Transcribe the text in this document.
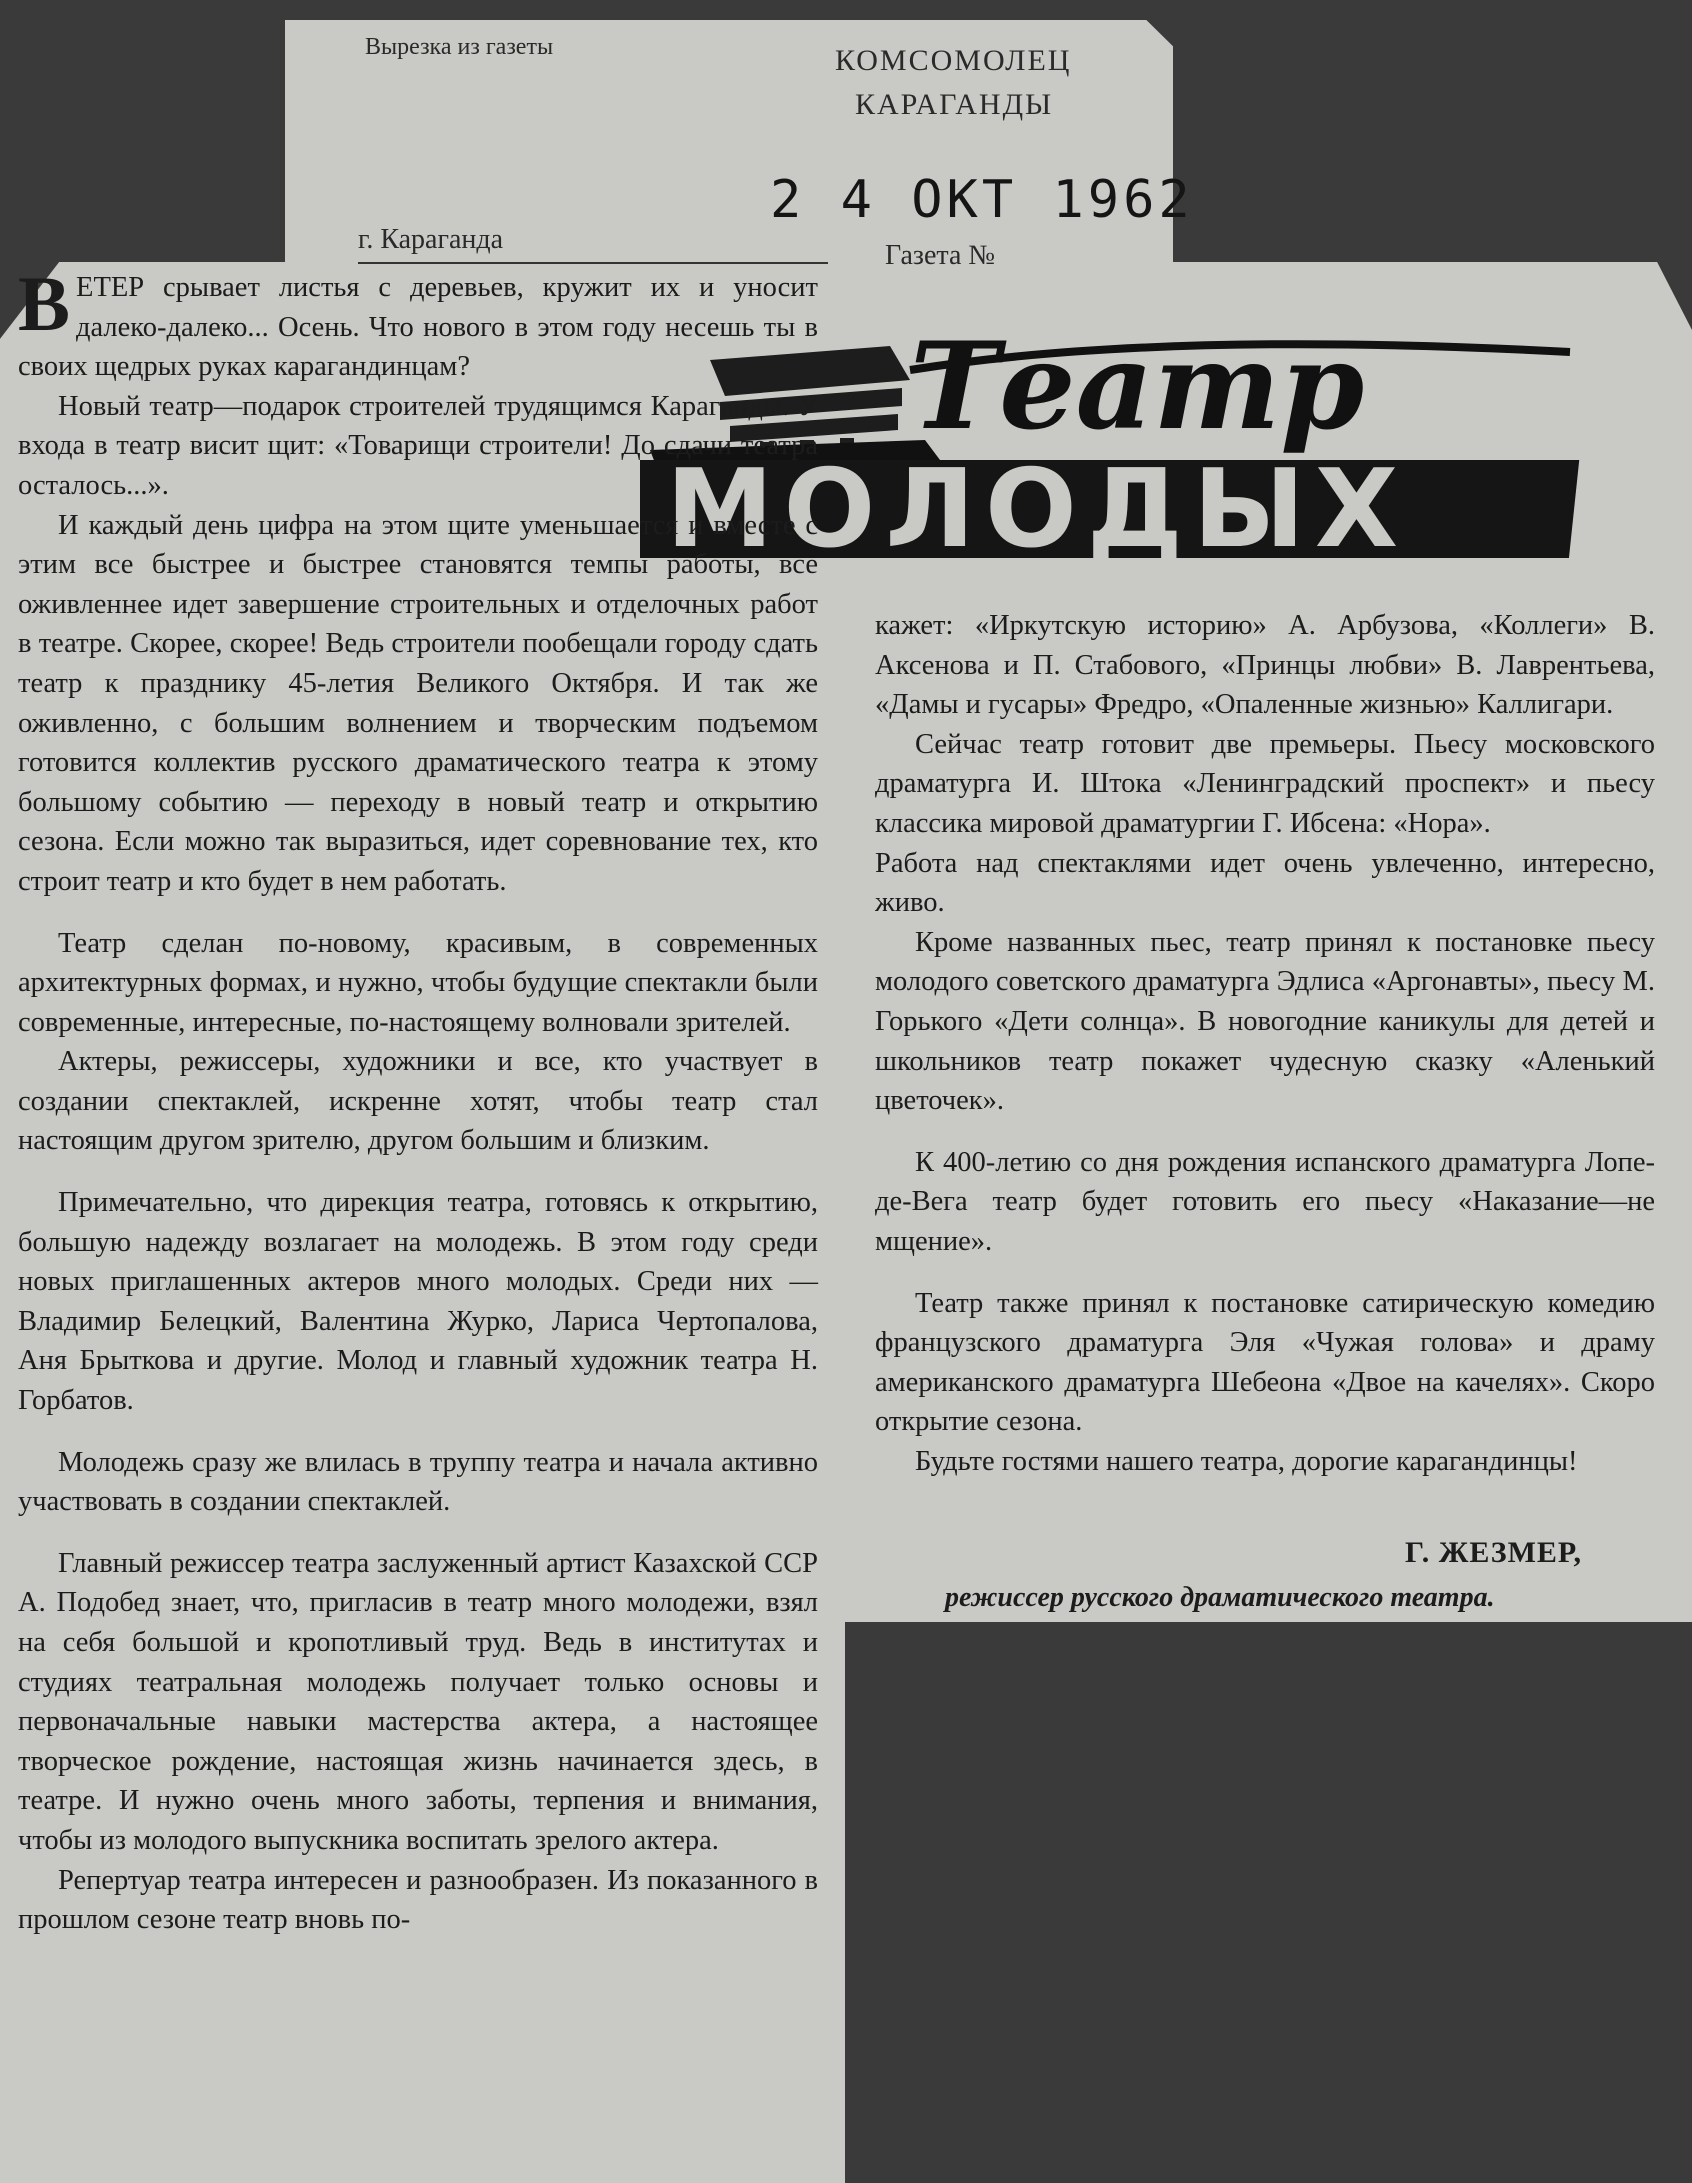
Вырезка из газеты	КОМСОМОЛЕЦ
КАРАГАНДЫ
2 4 ОКТ 1962
г. Караганда
Газета №
Театр
МОЛОДЫХ

ВЕТЕР срывает листья с деревьев, кружит их и уносит далеко-далеко... Осень. Что нового в этом году несешь ты в своих щедрых руках карагандинцам?

Новый театр—подарок строителей трудящимся Караганды. У входа в театр висит щит: «Товарищи строители! До сдачи театра осталось...».

И каждый день цифра на этом щите уменьшается и вместе с этим все быстрее и быстрее становятся темпы работы, все оживленнее идет завершение строительных и отделочных работ в театре. Скорее, скорее! Ведь строители пообещали городу сдать театр к празднику 45-летия Великого Октября. И так же оживленно, с большим волнением и творческим подъемом готовится коллектив русского драматического театра к этому большому событию — переходу в новый театр и открытию сезона. Если можно так выразиться, идет соревнование тех, кто строит театр и кто будет в нем работать.

Театр сделан по-новому, красивым, в современных архитектурных формах, и нужно, чтобы будущие спектакли были современные, интересные, по-настоящему волновали зрителей.

Актеры, режиссеры, художники и все, кто участвует в создании спектаклей, искренне хотят, чтобы театр стал настоящим другом зрителю, другом большим и близким.

Примечательно, что дирекция театра, готовясь к открытию, большую надежду возлагает на молодежь. В этом году среди новых приглашенных актеров много молодых. Среди них — Владимир Белецкий, Валентина Журко, Лариса Чертопалова, Аня Брыткова и другие. Молод и главный художник театра Н. Горбатов.

Молодежь сразу же влилась в труппу театра и начала активно участвовать в создании спектаклей.

Главный режиссер театра заслуженный артист Казахской ССР А. Подобед знает, что, пригласив в театр много молодежи, взял на себя большой и кропотливый труд. Ведь в институтах и студиях театральная молодежь получает только основы и первоначальные навыки мастерства актера, а настоящее творческое рождение, настоящая жизнь начинается здесь, в театре. И нужно очень много заботы, терпения и внимания, чтобы из молодого выпускника воспитать зрелого актера.

Репертуар театра интересен и разнообразен. Из показанного в прошлом сезоне театр вновь по-

кажет: «Иркутскую историю» А. Арбузова, «Коллеги» В. Аксенова и П. Стабового, «Принцы любви» В. Лаврентьева, «Дамы и гусары» Фредро, «Опаленные жизнью» Каллигари.

Сейчас театр готовит две премьеры. Пьесу московского драматурга И. Штока «Ленинградский проспект» и пьесу классика мировой драматургии Г. Ибсена: «Нора».

Работа над спектаклями идет очень увлеченно, интересно, живо.

Кроме названных пьес, театр принял к постановке пьесу молодого советского драматурга Эдлиса «Аргонавты», пьесу М. Горького «Дети солнца». В новогодние каникулы для детей и школьников театр покажет чудесную сказку «Аленький цветочек».

К 400-летию со дня рождения испанского драматурга Лопе-де-Вега театр будет готовить его пьесу «Наказание—не мщение».

Театр также принял к постановке сатирическую комедию французского драматурга Эля «Чужая голова» и драму американского драматурга Шебеона «Двое на качелях». Скоро открытие сезона.

Будьте гостями нашего театра, дорогие карагандинцы!

Г. ЖЕЗМЕР,
режиссер русского драматического театра.
